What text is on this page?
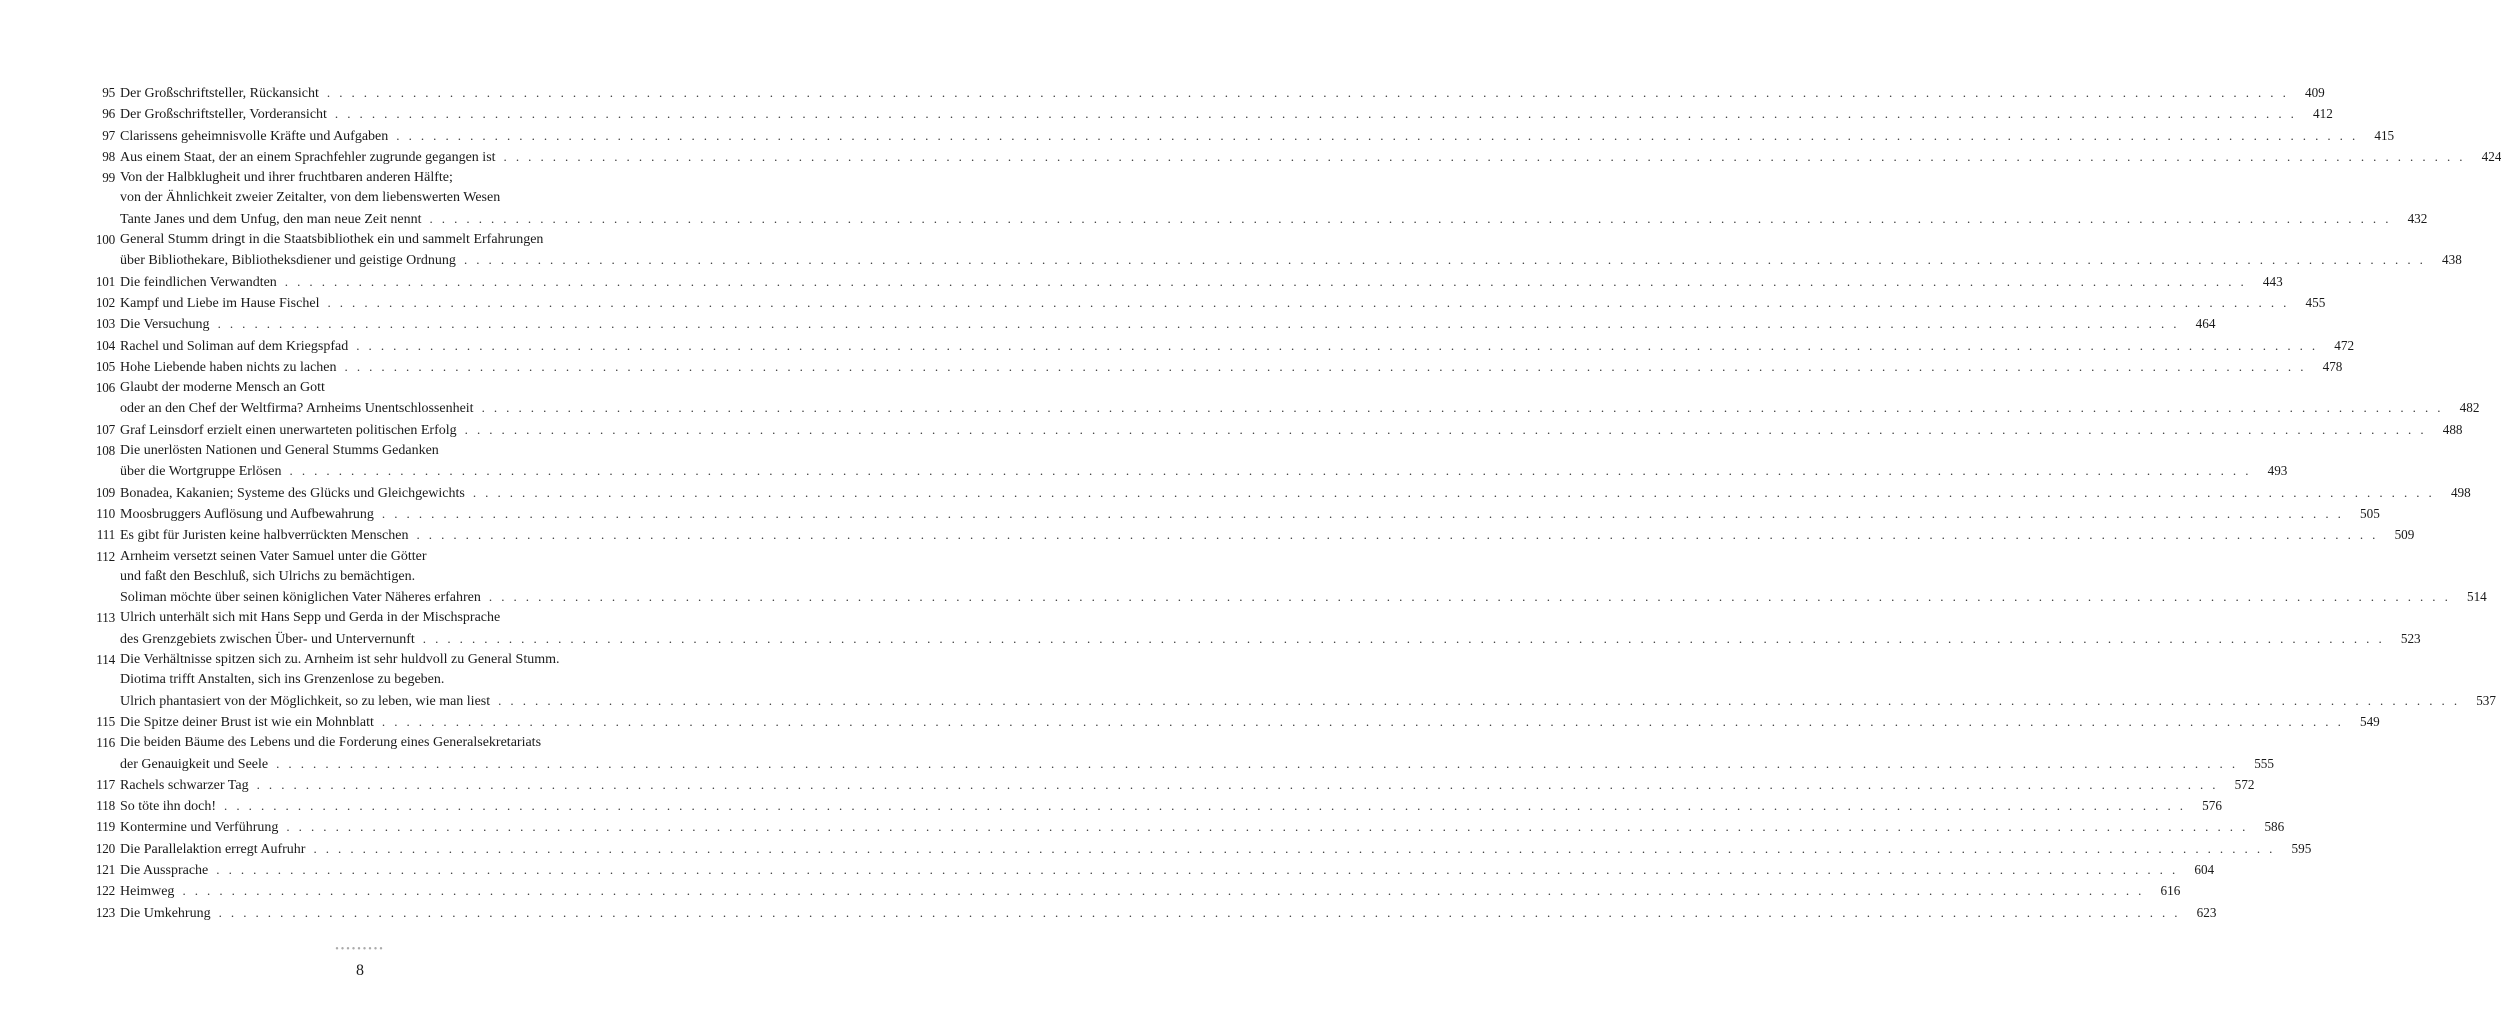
95 Der Großschriftsteller, Rückansicht . . . . . . . . . . . . . . . . . . . . . . . . . . . . . . . . . . . . . . . . . . . . . . . . . . . . . . . . . . . . . . . . . . . . . . . . . . . . . . . . . . . . . . . . . . . . . . . . . . . . . . . . . . . . . . . . . . . . . . . . . . . . . . . . . . . . . . . . . . . . . . . . . . . . . . . . . . . . . . . .	409
96 Der Großschriftsteller, Vorderansicht . . . . . . . . . . . . . . . . . . . . . . . . . . . . . . . . . . . . . . . . . . . . . . . . . . . . . . . . . . . . . . . . . . . . . . . . . . . . . . . . . . . . . . . . . . . . . . . . . . . . . . . . . . . . . . . . . . . . . . . . . . . . . . . . . . . . . . . . . . . . . . . . . . . . . . . . . . . . . . . .	412
97 Clarissens geheimnisvolle Kräfte und Aufgaben . . . . . . . . . . . . . . . . . . . . . . . . . . . . . . . . . . . . . . . . . . . . . . . . . . . . . . . . . . . . . . . . . . . . . . . . . . . . . . . . . . . . . . . . . . . . . . . . . . . . . . . . . . . . . . . . . . . . . . . . . . . . . . . . . . . . . . . . . . . . . . . . . . . . . . . . . . . . . . . .	415
98 Aus einem Staat, der an einem Sprachfehler zugrunde gegangen ist . . . . . . . . . . . . . . . . . . . . . . . . . . . . . . . . . . . . . . . . . . . . . . . . . . . . . . . . . . . . . . . . . . . . . . . . . . . . . . . . . . . . . . . . . . . . . . . . . . . . . . . . . . . . . . . . . . . . . . . . . . . . . . . . . . . . . . . . . . . . . . . . . . . . . . . . . . . . . . . .	424
99 Von der Halbklugheit und ihrer fruchtbaren anderen Hälfte;
von der Ähnlichkeit zweier Zeitalter, von dem liebenswerten Wesen
Tante Janes und dem Unfug, den man neue Zeit nennt . . . . . . . . . . . . . . . . . . . . . . . . . . . . . . . . . . . . . . . . . . . . . . . . . . . . . . . . . . . . . . . . . . . . . . . . . . . . . . . . . . . . . . . . . . . . . . . . . . . . . . . . . . . . . . . . . . . . . . . . . . . . . . . . . . . . . . . . . . . . . . . . . . . . . . . . . . . . . . . .	432
100 General Stumm dringt in die Staatsbibliothek ein und sammelt Erfahrungen
über Bibliothekare, Bibliotheksdiener und geistige Ordnung . . . . . . . . . . . . . . . . . . . . . . . . . . . . . . . . . . . . . . . . . . . . . . . . . . . . . . . . . . . . . . . . . . . . . . . . . . . . . . . . . . . . . . . . . . . . . . . . . . . . . . . . . . . . . . . . . . . . . . . . . . . . . . . . . . . . . . . . . . . . . . . . . . . . . . . . . . . . . . . .	438
101 Die feindlichen Verwandten . . . . . . . . . . . . . . . . . . . . . . . . . . . . . . . . . . . . . . . . . . . . . . . . . . . . . . . . . . . . . . . . . . . . . . . . . . . . . . . . . . . . . . . . . . . . . . . . . . . . . . . . . . . . . . . . . . . . . . . . . . . . . . . . . . . . . . . . . . . . . . . . . . . . . . . . . . . . . . . .	443
102 Kampf und Liebe im Hause Fischel . . . . . . . . . . . . . . . . . . . . . . . . . . . . . . . . . . . . . . . . . . . . . . . . . . . . . . . . . . . . . . . . . . . . . . . . . . . . . . . . . . . . . . . . . . . . . . . . . . . . . . . . . . . . . . . . . . . . . . . . . . . . . . . . . . . . . . . . . . . . . . . . . . . . . . . . . . . . . . . .	455
103 Die Versuchung . . . . . . . . . . . . . . . . . . . . . . . . . . . . . . . . . . . . . . . . . . . . . . . . . . . . . . . . . . . . . . . . . . . . . . . . . . . . . . . . . . . . . . . . . . . . . . . . . . . . . . . . . . . . . . . . . . . . . . . . . . . . . . . . . . . . . . . . . . . . . . . . . . . . . . . . . . . . . . . .	464
104 Rachel und Soliman auf dem Kriegspfad . . . . . . . . . . . . . . . . . . . . . . . . . . . . . . . . . . . . . . . . . . . . . . . . . . . . . . . . . . . . . . . . . . . . . . . . . . . . . . . . . . . . . . . . . . . . . . . . . . . . . . . . . . . . . . . . . . . . . . . . . . . . . . . . . . . . . . . . . . . . . . . . . . . . . . . . . . . . . . . .	472
105 Hohe Liebende haben nichts zu lachen . . . . . . . . . . . . . . . . . . . . . . . . . . . . . . . . . . . . . . . . . . . . . . . . . . . . . . . . . . . . . . . . . . . . . . . . . . . . . . . . . . . . . . . . . . . . . . . . . . . . . . . . . . . . . . . . . . . . . . . . . . . . . . . . . . . . . . . . . . . . . . . . . . . . . . . . . . . . . . . .	478
106 Glaubt der moderne Mensch an Gott
oder an den Chef der Weltfirma? Arnheims Unentschlossenheit . . . . . . . . . . . . . . . . . . . . . . . . . . . . . . . . . . . . . . . . . . . . . . . . . . . . . . . . . . . . . . . . . . . . . . . . . . . . . . . . . . . . . . . . . . . . . . . . . . . . . . . . . . . . . . . . . . . . . . . . . . . . . . . . . . . . . . . . . . . . . . . . . . . . . . . . . . . . . . . .	482
107 Graf Leinsdorf erzielt einen unerwarteten politischen Erfolg . . . . . . . . . . . . . . . . . . . . . . . . . . . . . . . . . . . . . . . . . . . . . . . . . . . . . . . . . . . . . . . . . . . . . . . . . . . . . . . . . . . . . . . . . . . . . . . . . . . . . . . . . . . . . . . . . . . . . . . . . . . . . . . . . . . . . . . . . . . . . . . . . . . . . . . . . . . . . . . .	488
108 Die unerlösten Nationen und General Stumms Gedanken
über die Wortgruppe Erlösen . . . . . . . . . . . . . . . . . . . . . . . . . . . . . . . . . . . . . . . . . . . . . . . . . . . . . . . . . . . . . . . . . . . . . . . . . . . . . . . . . . . . . . . . . . . . . . . . . . . . . . . . . . . . . . . . . . . . . . . . . . . . . . . . . . . . . . . . . . . . . . . . . . . . . . . . . . . . . . . .	493
109 Bonadea, Kakanien; Systeme des Glücks und Gleichgewichts . . . . . . . . . . . . . . . . . . . . . . . . . . . . . . . . . . . . . . . . . . . . . . . . . . . . . . . . . . . . . . . . . . . . . . . . . . . . . . . . . . . . . . . . . . . . . . . . . . . . . . . . . . . . . . . . . . . . . . . . . . . . . . . . . . . . . . . . . . . . . . . . . . . . . . . . . . . . . . . .	498
110 Moosbruggers Auflösung und Aufbewahrung . . . . . . . . . . . . . . . . . . . . . . . . . . . . . . . . . . . . . . . . . . . . . . . . . . . . . . . . . . . . . . . . . . . . . . . . . . . . . . . . . . . . . . . . . . . . . . . . . . . . . . . . . . . . . . . . . . . . . . . . . . . . . . . . . . . . . . . . . . . . . . . . . . . . . . . . . . . . . . . .	505
111 Es gibt für Juristen keine halbverrückten Menschen . . . . . . . . . . . . . . . . . . . . . . . . . . . . . . . . . . . . . . . . . . . . . . . . . . . . . . . . . . . . . . . . . . . . . . . . . . . . . . . . . . . . . . . . . . . . . . . . . . . . . . . . . . . . . . . . . . . . . . . . . . . . . . . . . . . . . . . . . . . . . . . . . . . . . . . . . . . . . . . .	509
112 Arnheim versetzt seinen Vater Samuel unter die Götter
und faßt den Beschluß, sich Ulrichs zu bemächtigen.
Soliman möchte über seinen königlichen Vater Näheres erfahren . . . . . . . . . . . . . . . . . . . . . . . . . . . . . . . . . . . . . . . . . . . . . . . . . . . . . . . . . . . . . . . . . . . . . . . . . . . . . . . . . . . . . . . . . . . . . . . . . . . . . . . . . . . . . . . . . . . . . . . . . . . . . . . . . . . . . . . . . . . . . . . . . . . . . . . . . . . . . . . .	514
113 Ulrich unterhält sich mit Hans Sepp und Gerda in der Mischsprache
des Grenzgebiets zwischen Über- und Untervernunft . . . . . . . . . . . . . . . . . . . . . . . . . . . . . . . . . . . . . . . . . . . . . . . . . . . . . . . . . . . . . . . . . . . . . . . . . . . . . . . . . . . . . . . . . . . . . . . . . . . . . . . . . . . . . . . . . . . . . . . . . . . . . . . . . . . . . . . . . . . . . . . . . . . . . . . . . . . . . . . .	523
114 Die Verhältnisse spitzen sich zu. Arnheim ist sehr huldvoll zu General Stumm.
Diotima trifft Anstalten, sich ins Grenzenlose zu begeben.
Ulrich phantasiert von der Möglichkeit, so zu leben, wie man liest . . . . . . . . . . . . . . . . . . . . . . . . . . . . . . . . . . . . . . . . . . . . . . . . . . . . . . . . . . . . . . . . . . . . . . . . . . . . . . . . . . . . . . . . . . . . . . . . . . . . . . . . . . . . . . . . . . . . . . . . . . . . . . . . . . . . . . . . . . . . . . . . . . . . . . . . . . . . . . . .	537
115 Die Spitze deiner Brust ist wie ein Mohnblatt . . . . . . . . . . . . . . . . . . . . . . . . . . . . . . . . . . . . . . . . . . . . . . . . . . . . . . . . . . . . . . . . . . . . . . . . . . . . . . . . . . . . . . . . . . . . . . . . . . . . . . . . . . . . . . . . . . . . . . . . . . . . . . . . . . . . . . . . . . . . . . . . . . . . . . . . . . . . . . . .	549
116 Die beiden Bäume des Lebens und die Forderung eines Generalsekretariats
der Genauigkeit und Seele . . . . . . . . . . . . . . . . . . . . . . . . . . . . . . . . . . . . . . . . . . . . . . . . . . . . . . . . . . . . . . . . . . . . . . . . . . . . . . . . . . . . . . . . . . . . . . . . . . . . . . . . . . . . . . . . . . . . . . . . . . . . . . . . . . . . . . . . . . . . . . . . . . . . . . . . . . . . . . . .	555
117 Rachels schwarzer Tag . . . . . . . . . . . . . . . . . . . . . . . . . . . . . . . . . . . . . . . . . . . . . . . . . . . . . . . . . . . . . . . . . . . . . . . . . . . . . . . . . . . . . . . . . . . . . . . . . . . . . . . . . . . . . . . . . . . . . . . . . . . . . . . . . . . . . . . . . . . . . . . . . . . . . . . . . . . . . . . .	572
118 So töte ihn doch! . . . . . . . . . . . . . . . . . . . . . . . . . . . . . . . . . . . . . . . . . . . . . . . . . . . . . . . . . . . . . . . . . . . . . . . . . . . . . . . . . . . . . . . . . . . . . . . . . . . . . . . . . . . . . . . . . . . . . . . . . . . . . . . . . . . . . . . . . . . . . . . . . . . . . . . . . . . . . . . .	576
119 Kontermine und Verführung . . . . . . . . . . . . . . . . . . . . . . . . . . . . . . . . . . . . . . . . . . . . . . . . . . . . . . . . . . . . . . . . . . . . . . . . . . . . . . . . . . . . . . . . . . . . . . . . . . . . . . . . . . . . . . . . . . . . . . . . . . . . . . . . . . . . . . . . . . . . . . . . . . . . . . . . . . . . . . . .	586
120 Die Parallelaktion erregt Aufruhr . . . . . . . . . . . . . . . . . . . . . . . . . . . . . . . . . . . . . . . . . . . . . . . . . . . . . . . . . . . . . . . . . . . . . . . . . . . . . . . . . . . . . . . . . . . . . . . . . . . . . . . . . . . . . . . . . . . . . . . . . . . . . . . . . . . . . . . . . . . . . . . . . . . . . . . . . . . . . . . .	595
121 Die Aussprache . . . . . . . . . . . . . . . . . . . . . . . . . . . . . . . . . . . . . . . . . . . . . . . . . . . . . . . . . . . . . . . . . . . . . . . . . . . . . . . . . . . . . . . . . . . . . . . . . . . . . . . . . . . . . . . . . . . . . . . . . . . . . . . . . . . . . . . . . . . . . . . . . . . . . . . . . . . . . . . .	604
122 Heimweg . . . . . . . . . . . . . . . . . . . . . . . . . . . . . . . . . . . . . . . . . . . . . . . . . . . . . . . . . . . . . . . . . . . . . . . . . . . . . . . . . . . . . . . . . . . . . . . . . . . . . . . . . . . . . . . . . . . . . . . . . . . . . . . . . . . . . . . . . . . . . . . . . . . . . . . . . . . . . . . .	616
123 Die Umkehrung . . . . . . . . . . . . . . . . . . . . . . . . . . . . . . . . . . . . . . . . . . . . . . . . . . . . . . . . . . . . . . . . . . . . . . . . . . . . . . . . . . . . . . . . . . . . . . . . . . . . . . . . . . . . . . . . . . . . . . . . . . . . . . . . . . . . . . . . . . . . . . . . . . . . . . . . . . . . . . . .	623
•••••••••
8
